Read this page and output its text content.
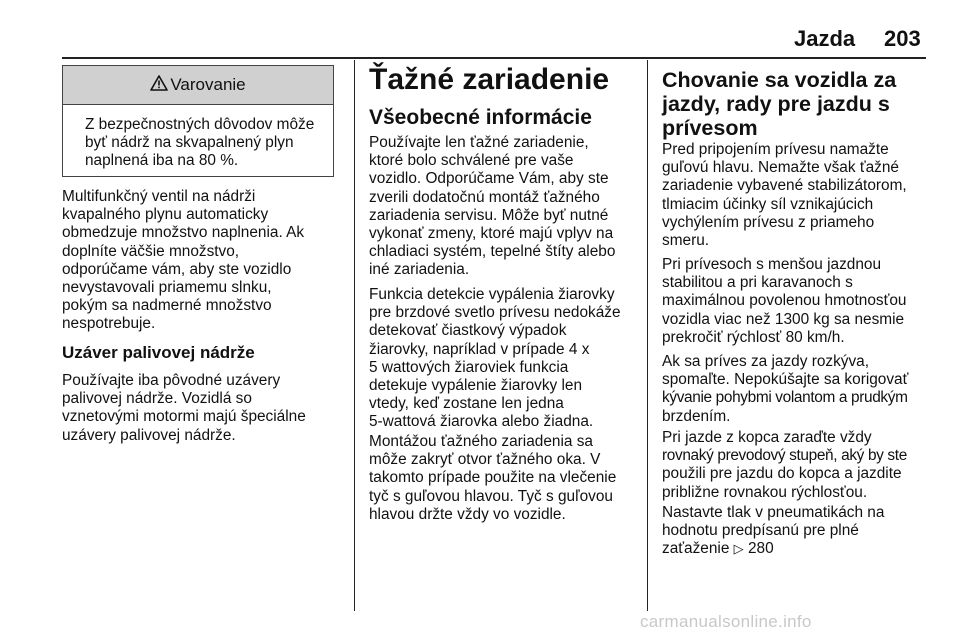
Jazda 203
Varovanie
Z bezpečnostných dôvodov môže
byť nádrž na skvapalnený plyn
naplnená iba na 80 %.
Multifunkčný ventil na nádrži
kvapalného plynu automaticky
obmedzuje množstvo naplnenia. Ak
doplníte väčšie množstvo,
odporúčame vám, aby ste vozidlo
nevystavovali priamemu slnku,
pokým sa nadmerné množstvo
nespotrebuje.
Uzáver palivovej nádrže
Používajte iba pôvodné uzávery
palivovej nádrže. Vozidlá so
vznetovými motormi majú špeciálne
uzávery palivovej nádrže.
Ťažné zariadenie
Všeobecné informácie
Používajte len ťažné zariadenie,
ktoré bolo schválené pre vaše
vozidlo. Odporúčame Vám, aby ste
zverili dodatočnú montáž ťažného
zariadenia servisu. Môže byť nutné
vykonať zmeny, ktoré majú vplyv na
chladiaci systém, tepelné štíty alebo
iné zariadenia.
Funkcia detekcie vypálenia žiarovky
pre brzdové svetlo prívesu nedokáže
detekovať čiastkový výpadok
žiarovky, napríklad v prípade 4 x
5 wattových žiaroviek funkcia
detekuje vypálenie žiarovky len
vtedy, keď zostane len jedna
5-wattová žiarovka alebo žiadna.
Montážou ťažného zariadenia sa
môže zakryť otvor ťažného oka. V
takomto prípade použite na vlečenie
tyč s guľovou hlavou. Tyč s guľovou
hlavou držte vždy vo vozidle.
Chovanie sa vozidla za
jazdy, rady pre jazdu s
prívesom
Pred pripojením prívesu namažte
guľovú hlavu. Nemažte však ťažné
zariadenie vybavené stabilizátorom,
tlmiacim účinky síl vznikajúcich
vychýlením prívesu z priameho
smeru.
Pri prívesoch s menšou jazdnou
stabilitou a pri karavanoch s
maximálnou povolenou hmotnosťou
vozidla viac než 1300 kg sa nesmie
prekročiť rýchlosť 80 km/h.
Ak sa príves za jazdy rozkýva,
spomaľte. Nepokúšajte sa korigovať
kývanie pohybmi volantom a prudkým
brzdením.
Pri jazde z kopca zaraďte vždy
rovnaký prevodový stupeň, aký by ste
použili pre jazdu do kopca a jazdite
približne rovnakou rýchlosťou.
Nastavte tlak v pneumatikách na
hodnotu predpísanú pre plné
zaťaženie ▷ 280
carmanualsonline.info
